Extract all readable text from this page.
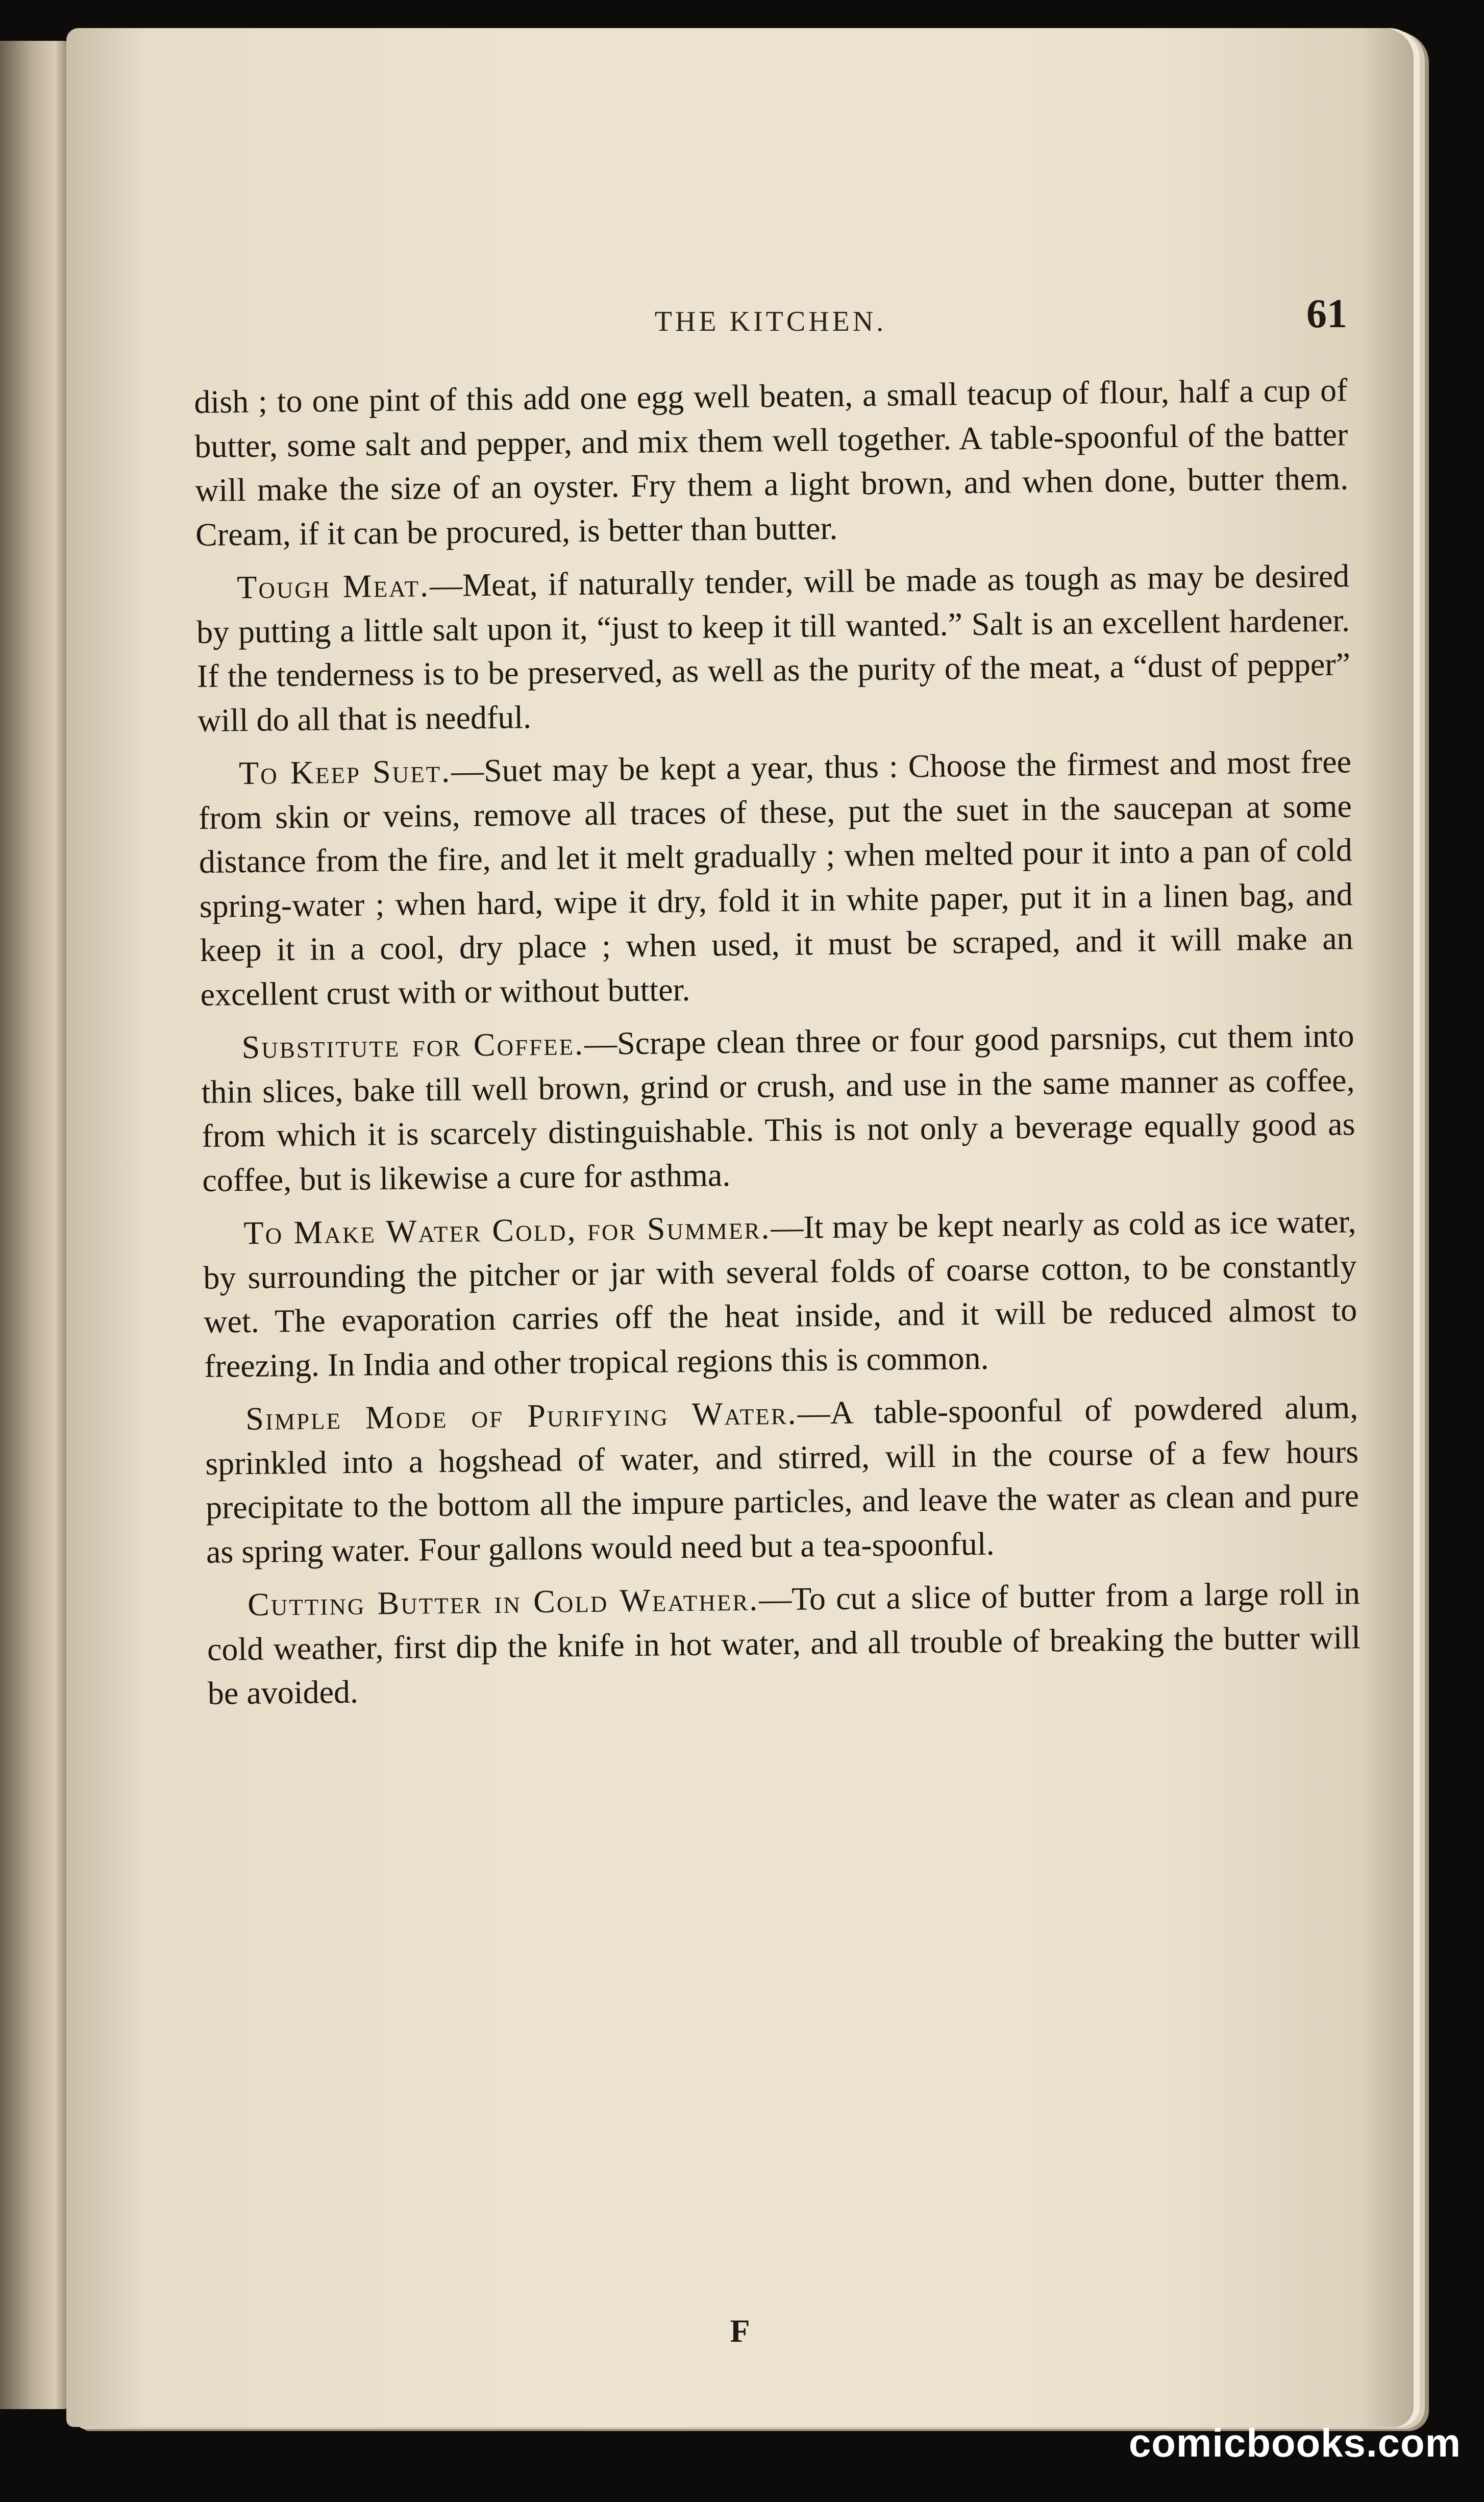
THE KITCHEN.	61

dish ; to one pint of this add one egg well beaten, a small teacup of flour, half a cup of butter, some salt and pepper, and mix them well together. A table-spoonful of the batter will make the size of an oyster. Fry them a light brown, and when done, butter them. Cream, if it can be procured, is better than butter.

Tough Meat.—Meat, if naturally tender, will be made as tough as may be desired by putting a little salt upon it, “just to keep it till wanted.” Salt is an excellent hardener. If the tenderness is to be preserved, as well as the purity of the meat, a “dust of pepper” will do all that is needful.

To Keep Suet.—Suet may be kept a year, thus : Choose the firmest and most free from skin or veins, remove all traces of these, put the suet in the saucepan at some distance from the fire, and let it melt gradually ; when melted pour it into a pan of cold spring-water ; when hard, wipe it dry, fold it in white paper, put it in a linen bag, and keep it in a cool, dry place ; when used, it must be scraped, and it will make an excellent crust with or without butter.

Substitute for Coffee.—Scrape clean three or four good parsnips, cut them into thin slices, bake till well brown, grind or crush, and use in the same manner as coffee, from which it is scarcely distinguishable. This is not only a beverage equally good as coffee, but is likewise a cure for asthma.

To Make Water Cold, for Summer.—It may be kept nearly as cold as ice water, by surrounding the pitcher or jar with several folds of coarse cotton, to be constantly wet. The evaporation carries off the heat inside, and it will be reduced almost to freezing. In India and other tropical regions this is common.

Simple Mode of Purifying Water.—A table-spoonful of powdered alum, sprinkled into a hogshead of water, and stirred, will in the course of a few hours precipitate to the bottom all the impure particles, and leave the water as clean and pure as spring water. Four gallons would need but a tea-spoonful.

Cutting Butter in Cold Weather.—To cut a slice of butter from a large roll in cold weather, first dip the knife in hot water, and all trouble of breaking the butter will be avoided.

F
comicbooks.com
